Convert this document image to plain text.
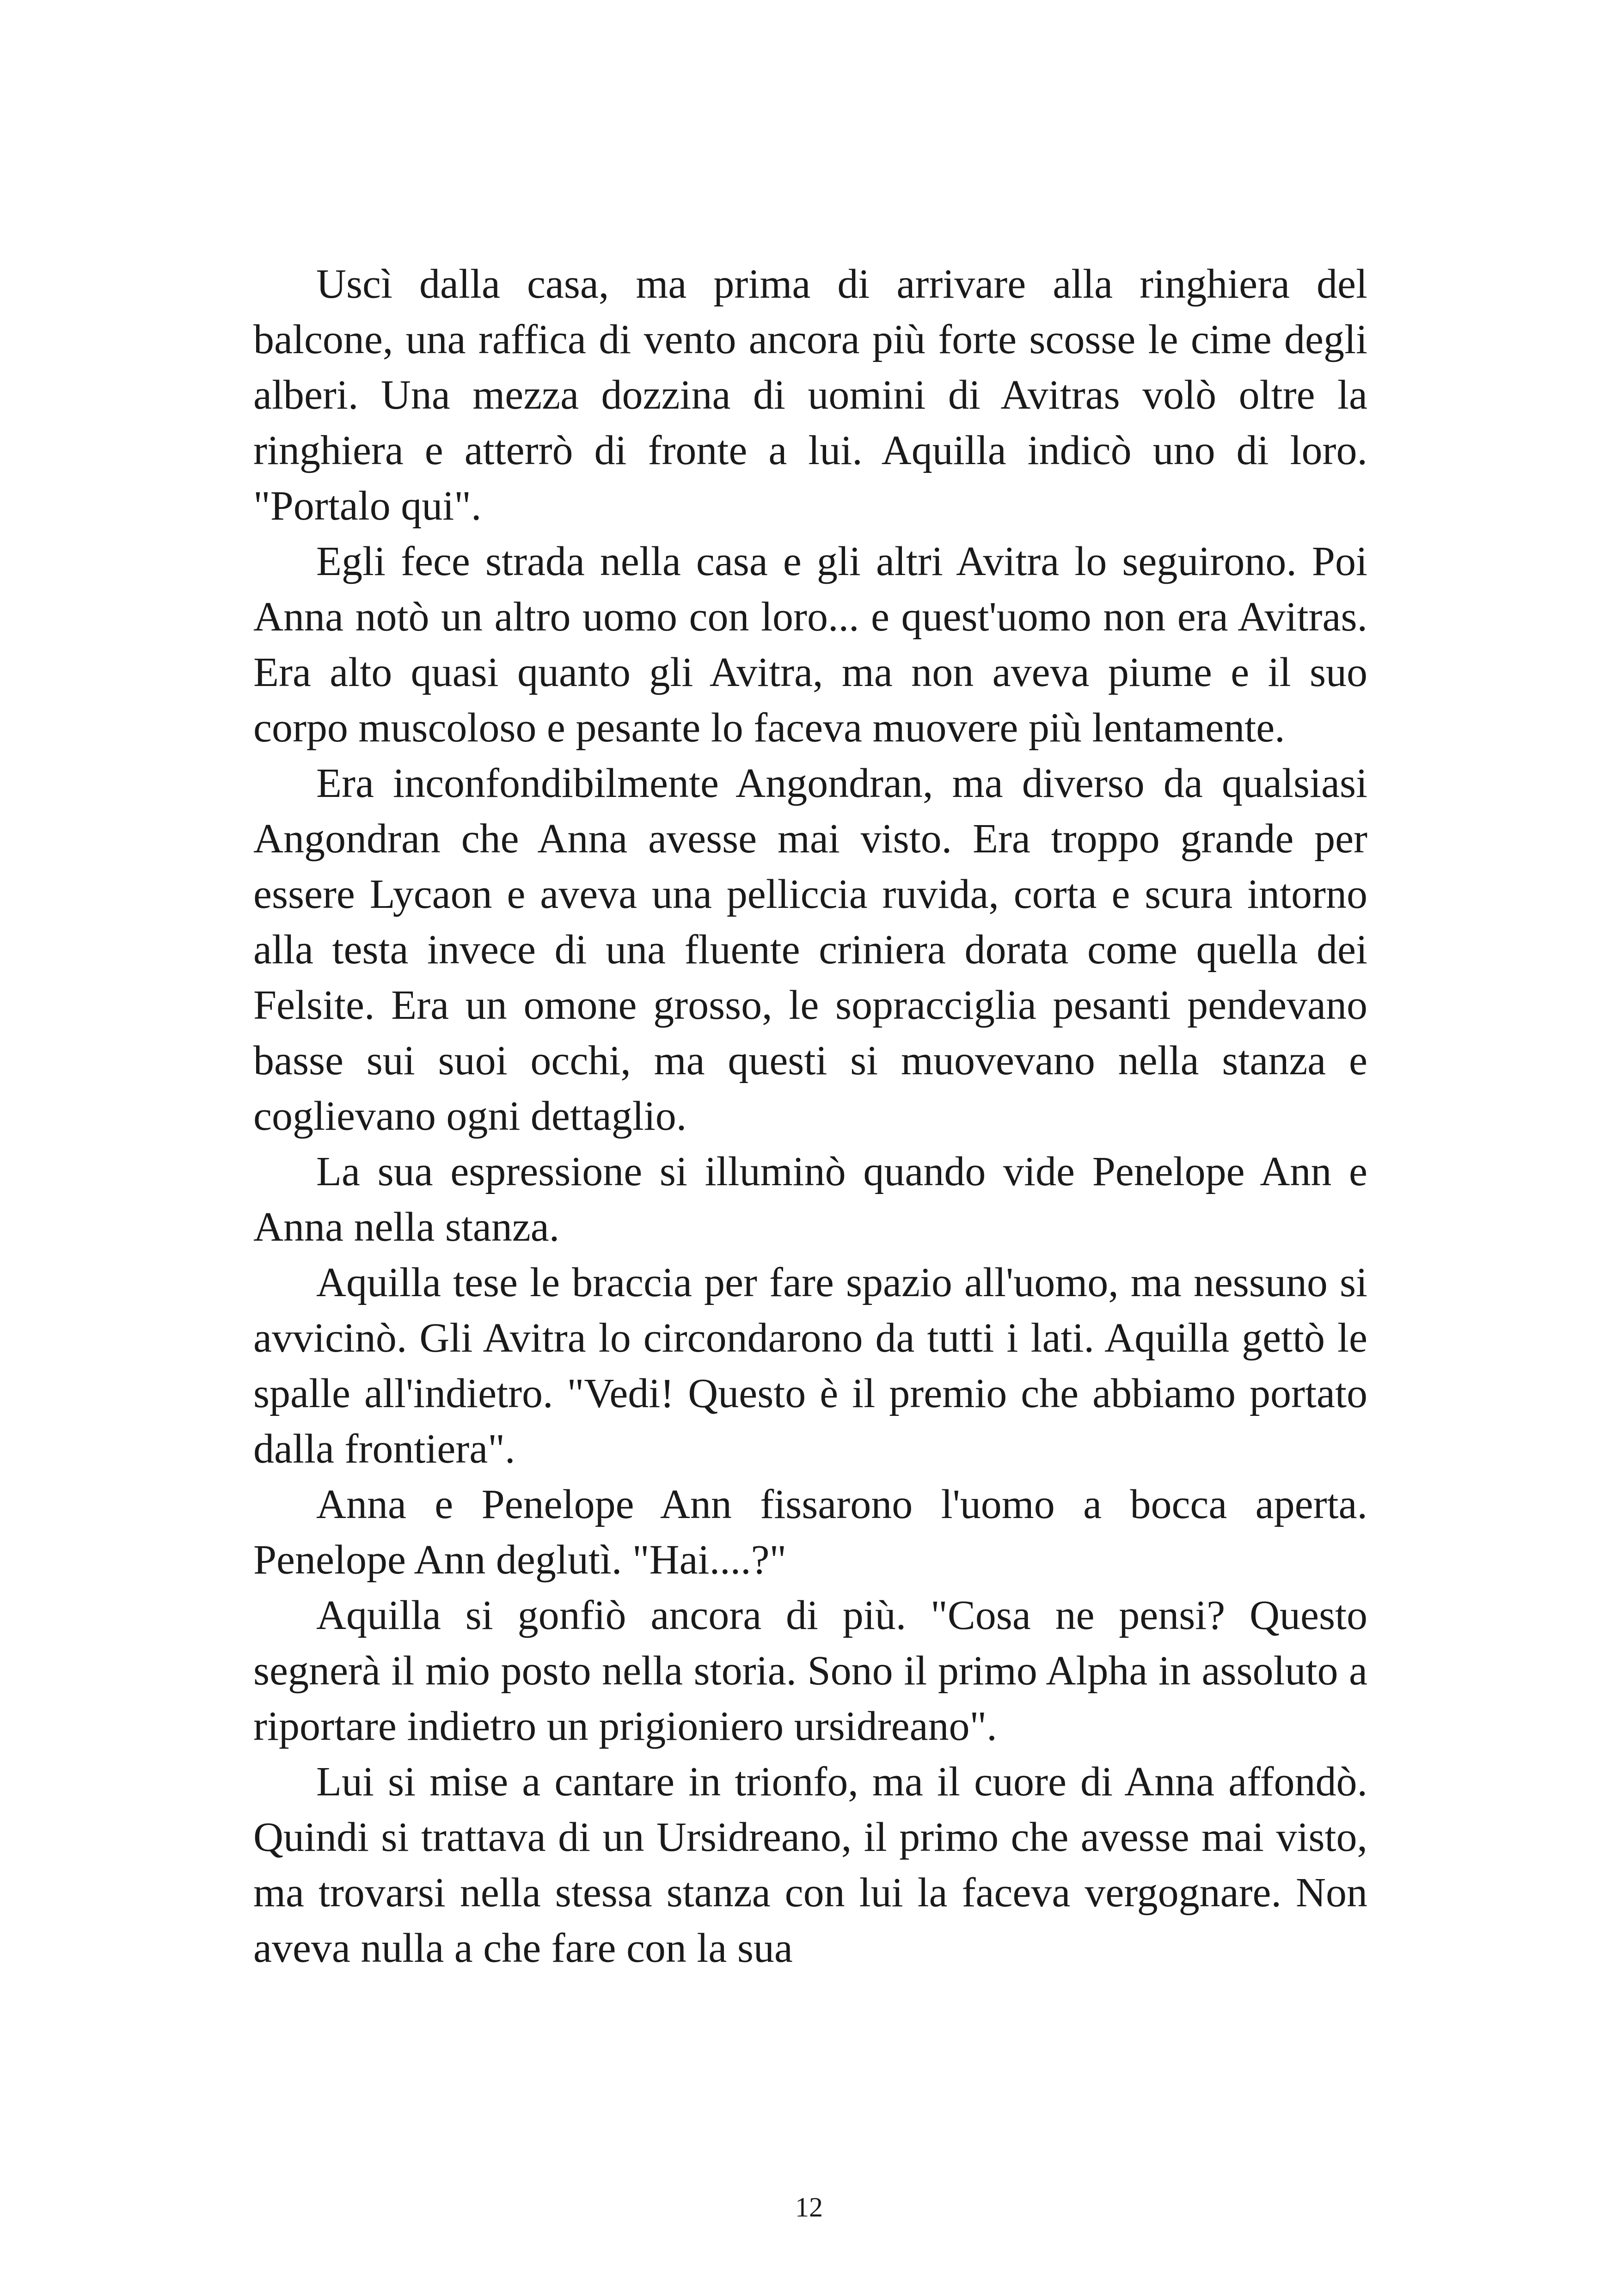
Uscì dalla casa, ma prima di arrivare alla ringhiera del balcone, una raffica di vento ancora più forte scosse le cime degli alberi. Una mezza dozzina di uomini di Avitras volò oltre la ringhiera e atterrò di fronte a lui. Aquilla indicò uno di loro. "Portalo qui".

Egli fece strada nella casa e gli altri Avitra lo seguirono. Poi Anna notò un altro uomo con loro... e quest'uomo non era Avitras. Era alto quasi quanto gli Avitra, ma non aveva piume e il suo corpo muscoloso e pesante lo faceva muovere più lentamente.

Era inconfondibilmente Angondran, ma diverso da qualsiasi Angondran che Anna avesse mai visto. Era troppo grande per essere Lycaon e aveva una pelliccia ruvida, corta e scura intorno alla testa invece di una fluente criniera dorata come quella dei Felsite. Era un omone grosso, le sopracciglia pesanti pendevano basse sui suoi occhi, ma questi si muovevano nella stanza e coglievano ogni dettaglio.

La sua espressione si illuminò quando vide Penelope Ann e Anna nella stanza.

Aquilla tese le braccia per fare spazio all'uomo, ma nessuno si avvicinò. Gli Avitra lo circondarono da tutti i lati. Aquilla gettò le spalle all'indietro. "Vedi! Questo è il premio che abbiamo portato dalla frontiera".

Anna e Penelope Ann fissarono l'uomo a bocca aperta. Penelope Ann deglutì. "Hai....?"

Aquilla si gonfiò ancora di più. "Cosa ne pensi? Questo segnerà il mio posto nella storia. Sono il primo Alpha in assoluto a riportare indietro un prigioniero ursidreano".

Lui si mise a cantare in trionfo, ma il cuore di Anna affondò. Quindi si trattava di un Ursidreano, il primo che avesse mai visto, ma trovarsi nella stessa stanza con lui la faceva vergognare. Non aveva nulla a che fare con la sua

12
